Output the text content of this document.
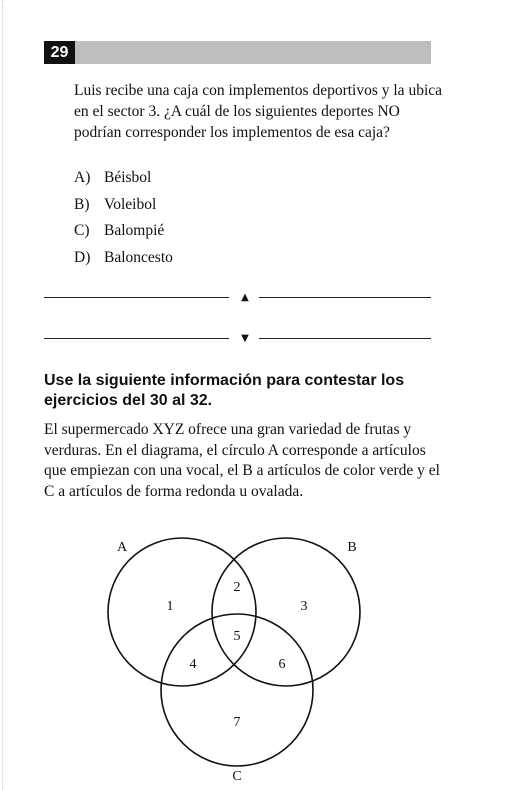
29

Luis recibe una caja con implementos deportivos y la ubica en el sector 3. ¿A cuál de los siguientes deportes NO podrían corresponder los implementos de esa caja?

A) Béisbol
B) Voleibol
C) Balompié
D) Baloncesto
▲
▼
Use la siguiente información para contestar los ejercicios del 30 al 32.

El supermercado XYZ ofrece una gran variedad de frutas y verduras. En el diagrama, el círculo A corresponde a artículos que empiezan con una vocal, el B a artículos de color verde y el C a artículos de forma redonda u ovalada.

A	B
C
1
2
3
4
5
6
7
